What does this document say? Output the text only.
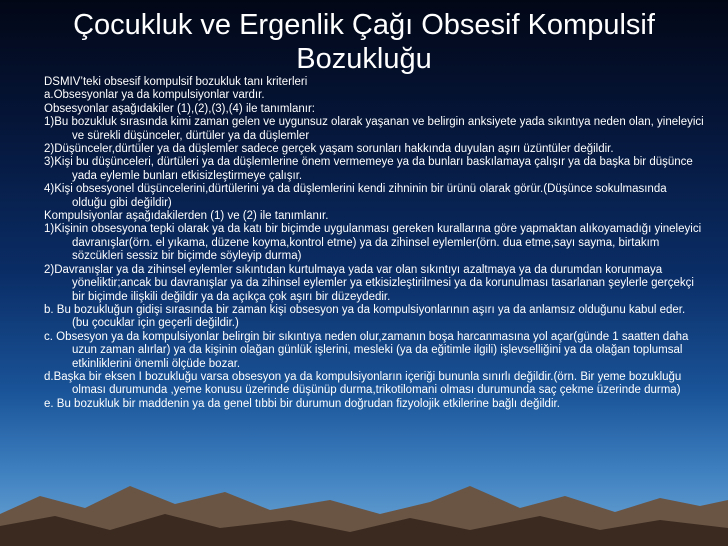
Çocukluk ve Ergenlik Çağı Obsesif Kompulsif
Bozukluğu

DSMIV’teki obsesif kompulsif bozukluk tanı kriterleri

a.Obsesyonlar ya da kompulsiyonlar vardır.

Obsesyonlar aşağıdakiler (1),(2),(3),(4) ile tanımlanır:

1)Bu bozukluk sırasında kimi zaman gelen ve uygunsuz olarak yaşanan ve belirgin anksiyete yada sıkıntıya neden olan, yineleyici ve sürekli düşünceler, dürtüler ya da düşlemler

2)Düşünceler,dürtüler ya da düşlemler sadece gerçek yaşam sorunları hakkında duyulan aşırı üzüntüler değildir.

3)Kişi bu düşünceleri, dürtüleri ya da düşlemlerine önem vermemeye ya da bunları baskılamaya çalışır ya da başka bir düşünce yada eylemle bunları etkisizleştirmeye çalışır.

4)Kişi obsesyonel düşüncelerini,dürtülerini ya da düşlemlerini kendi zihninin bir ürünü olarak görür.(Düşünce sokulmasında olduğu gibi değildir)

Kompulsiyonlar aşağıdakilerden (1) ve (2) ile tanımlanır.

1)Kişinin obsesyona tepki olarak ya da katı bir biçimde uygulanması gereken kurallarına göre yapmaktan alıkoyamadığı yineleyici davranışlar(örn. el yıkama, düzene koyma,kontrol etme) ya da zihinsel eylemler(örn. dua etme,sayı sayma, birtakım sözcükleri sessiz bir biçimde söyleyip durma)

2)Davranışlar ya da zihinsel eylemler sıkıntıdan kurtulmaya yada var olan sıkıntıyı azaltmaya ya da durumdan korunmaya yöneliktir;ancak bu davranışlar ya da zihinsel eylemler ya etkisizleştirilmesi ya da korunulması tasarlanan şeylerle gerçekçi bir biçimde ilişkili değildir ya da açıkça çok aşırı bir düzeydedir.

b. Bu bozukluğun gidişi sırasında bir zaman kişi obsesyon ya da kompulsiyonlarının aşırı ya da anlamsız olduğunu kabul eder. (bu çocuklar için geçerli değildir.)

c. Obsesyon ya da kompulsiyonlar belirgin bir sıkıntıya neden olur,zamanın boşa harcanmasına yol açar(günde 1 saatten daha uzun zaman alırlar) ya da kişinin olağan günlük işlerini, mesleki (ya da eğitimle ilgili) işlevselliğini ya da olağan toplumsal etkinliklerini önemli ölçüde bozar.

d.Başka bir eksen I bozukluğu varsa obsesyon ya da kompulsiyonların içeriği bununla sınırlı değildir.(örn. Bir yeme bozukluğu olması durumunda ,yeme konusu üzerinde düşünüp durma,trikotilomani olması durumunda saç çekme üzerinde durma)

e. Bu bozukluk bir maddenin ya da genel tıbbi bir durumun doğrudan fizyolojik etkilerine bağlı değildir.
